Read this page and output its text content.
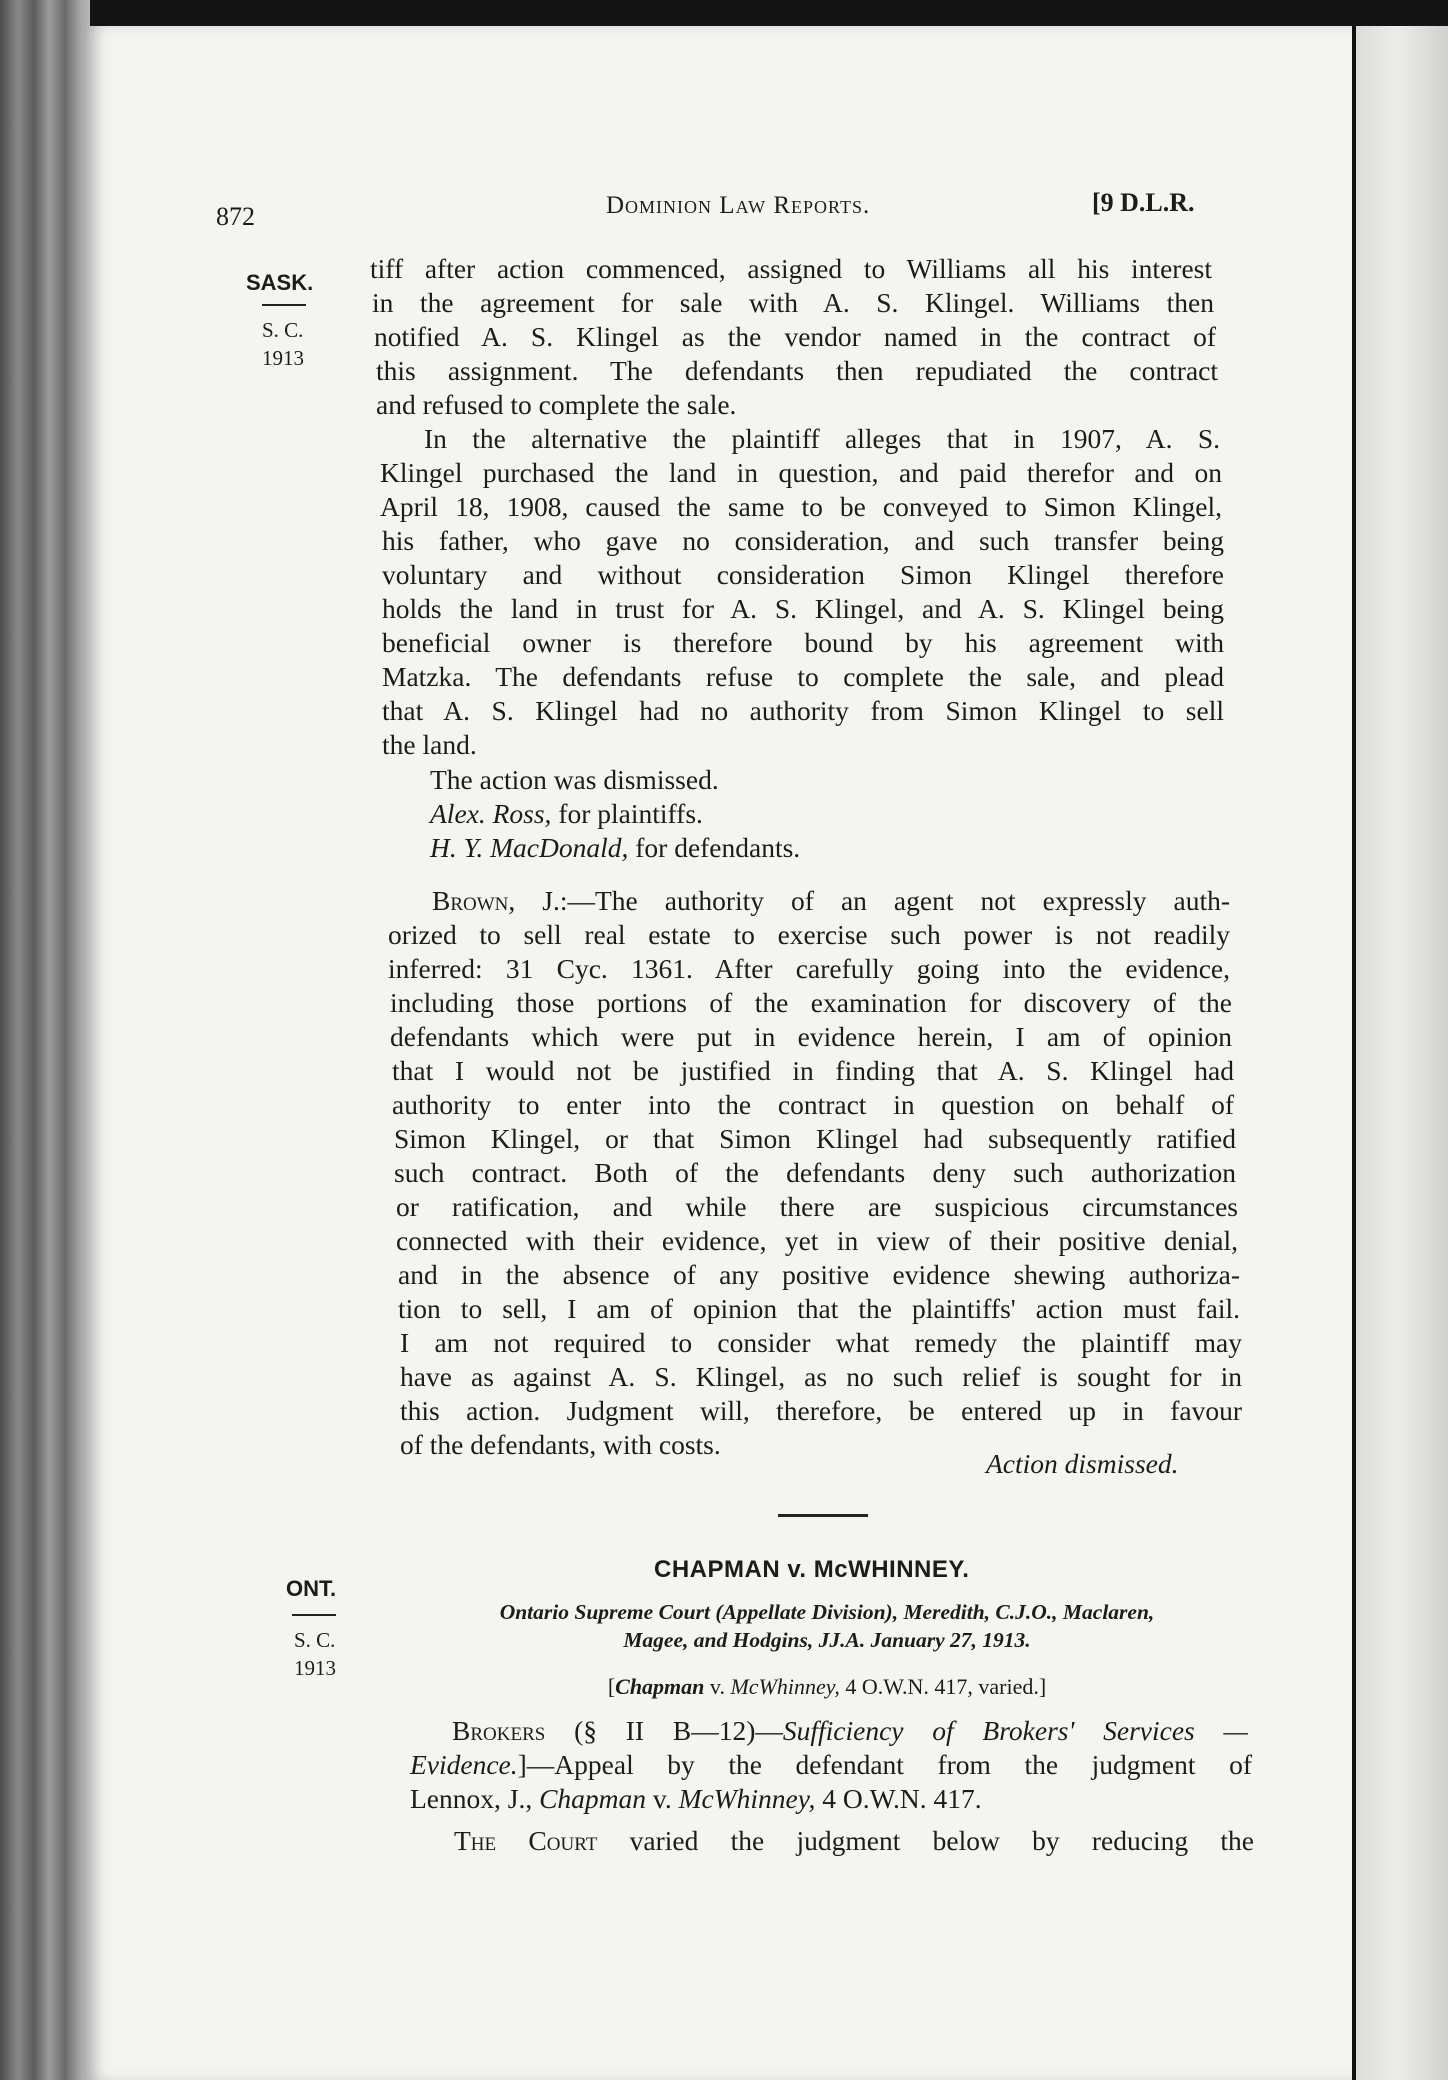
872	Dominion Law Reports.	[9 D.L.R.
SASK.
S. C.
1913
tiff after action commenced, assigned to Williams all his interest
in the agreement for sale with A. S. Klingel. Williams then
notified A. S. Klingel as the vendor named in the contract of
this assignment. The defendants then repudiated the contract
and refused to complete the sale.
In the alternative the plaintiff alleges that in 1907, A. S.
Klingel purchased the land in question, and paid therefor and on
April 18, 1908, caused the same to be conveyed to Simon Klingel,
his father, who gave no consideration, and such transfer being
voluntary and without consideration Simon Klingel therefore
holds the land in trust for A. S. Klingel, and A. S. Klingel being
beneficial owner is therefore bound by his agreement with
Matzka. The defendants refuse to complete the sale, and plead
that A. S. Klingel had no authority from Simon Klingel to sell
the land.
The action was dismissed.
Alex. Ross, for plaintiffs.
H. Y. MacDonald, for defendants.
Brown, J.:—The authority of an agent not expressly auth-
orized to sell real estate to exercise such power is not readily
inferred: 31 Cyc. 1361. After carefully going into the evidence,
including those portions of the examination for discovery of the
defendants which were put in evidence herein, I am of opinion
that I would not be justified in finding that A. S. Klingel had
authority to enter into the contract in question on behalf of
Simon Klingel, or that Simon Klingel had subsequently ratified
such contract. Both of the defendants deny such authorization
or ratification, and while there are suspicious circumstances
connected with their evidence, yet in view of their positive denial,
and in the absence of any positive evidence shewing authoriza-
tion to sell, I am of opinion that the plaintiffs' action must fail.
I am not required to consider what remedy the plaintiff may
have as against A. S. Klingel, as no such relief is sought for in
this action. Judgment will, therefore, be entered up in favour
of the defendants, with costs.
Action dismissed.
ONT.
S. C.
1913
CHAPMAN v. McWHINNEY.
Ontario Supreme Court (Appellate Division), Meredith, C.J.O., Maclaren,
Magee, and Hodgins, JJ.A. January 27, 1913.
[Chapman v. McWhinney, 4 O.W.N. 417, varied.]
Brokers (§ II B—12)—Sufficiency of Brokers' Services —
Evidence.]—Appeal by the defendant from the judgment of
Lennox, J., Chapman v. McWhinney, 4 O.W.N. 417.
The Court varied the judgment below by reducing the
